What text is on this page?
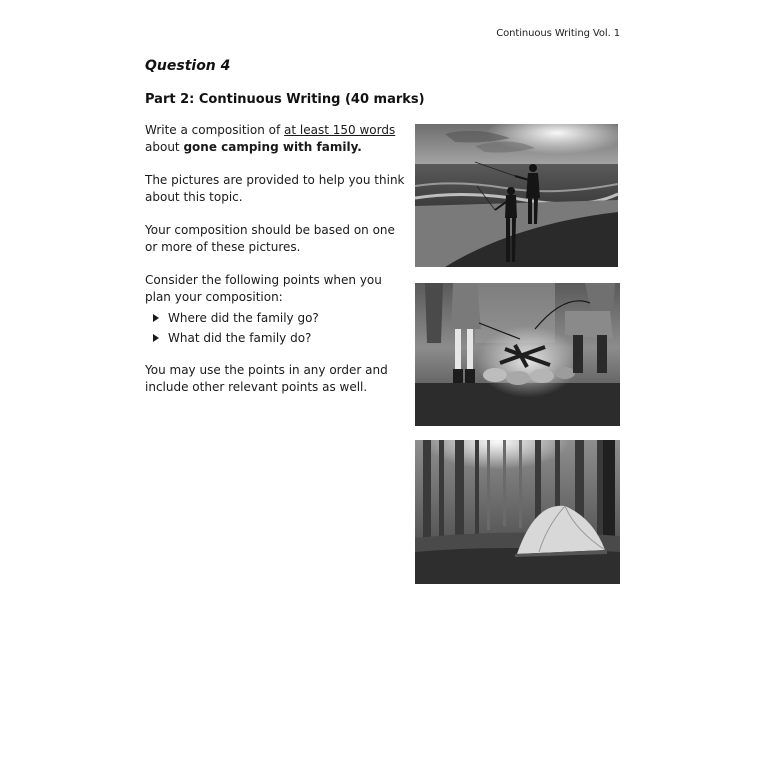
Continuous Writing Vol. 1
Question 4
Part 2: Continuous Writing (40 marks)

Write a composition of at least 150 words
about gone camping with family.

The pictures are provided to help you think about this topic.

Your composition should be based on one or more of these pictures.

Consider the following points when you plan your composition:

Where did the family go?
What did the family do?

You may use the points in any order and include other relevant points as well.
